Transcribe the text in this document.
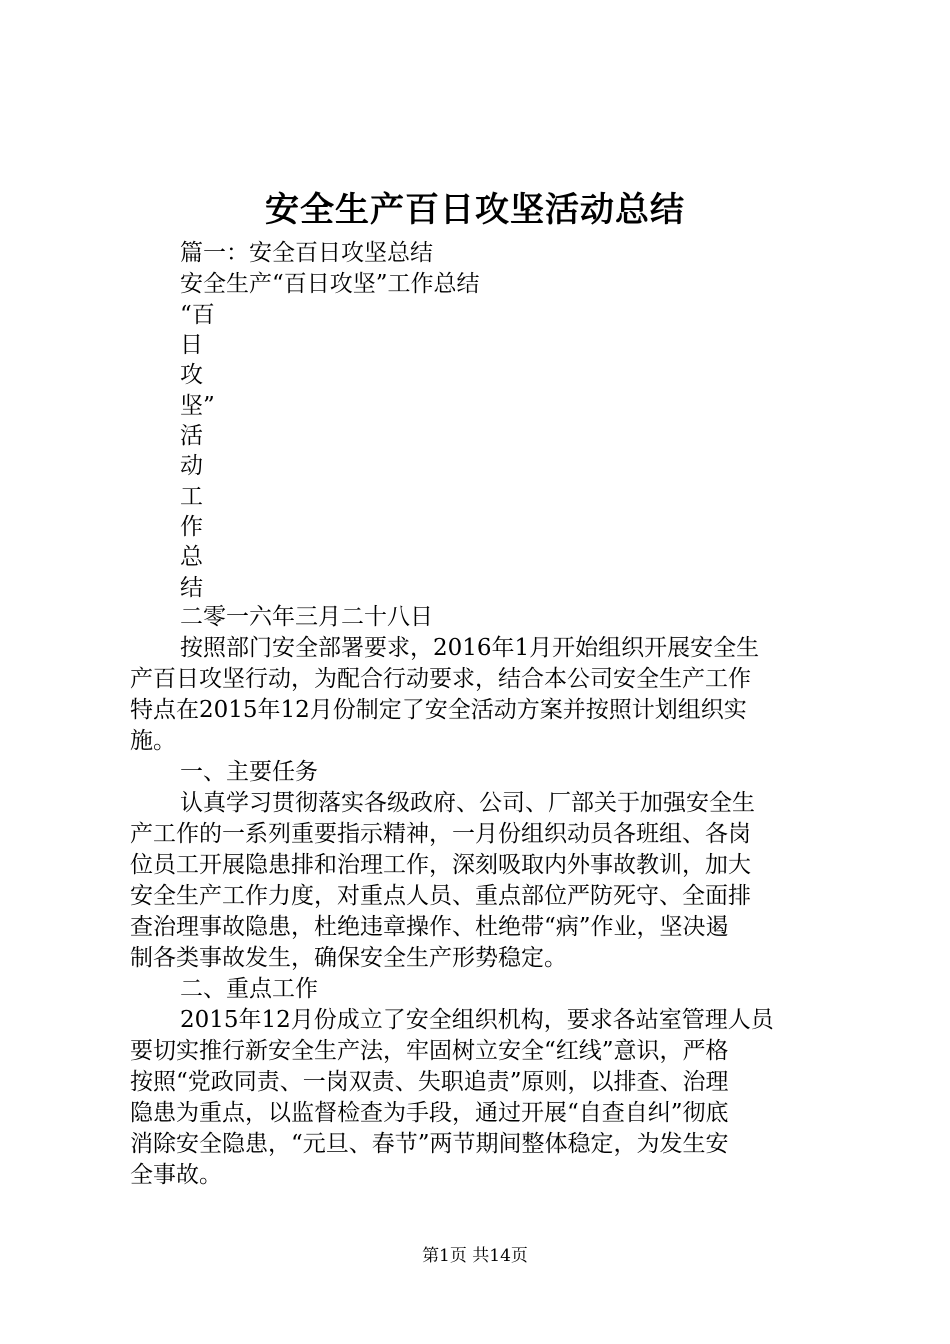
安全生产百日攻坚活动总结

篇一：安全百日攻坚总结

安全生产“百日攻坚”工作总结

“百

日

攻

坚”

活

动

工

作

总

结

二零一六年三月二十八日

按照部门安全部署要求，2016年1月开始组织开展安全生

产百日攻坚行动，为配合行动要求，结合本公司安全生产工作

特点在2015年12月份制定了安全活动方案并按照计划组织实

施。

一、主要任务

认真学习贯彻落实各级政府、公司、厂部关于加强安全生

产工作的一系列重要指示精神，一月份组织动员各班组、各岗

位员工开展隐患排和治理工作，深刻吸取内外事故教训，加大

安全生产工作力度，对重点人员、重点部位严防死守、全面排

查治理事故隐患，杜绝违章操作、杜绝带“病”作业，坚决遏

制各类事故发生，确保安全生产形势稳定。

二、重点工作

2015年12月份成立了安全组织机构，要求各站室管理人员

要切实推行新安全生产法，牢固树立安全“红线”意识，严格

按照“党政同责、一岗双责、失职追责”原则，以排查、治理

隐患为重点，以监督检查为手段，通过开展“自查自纠”彻底

消除安全隐患，“元旦、春节”两节期间整体稳定，为发生安

全事故。

第1页 共14页
